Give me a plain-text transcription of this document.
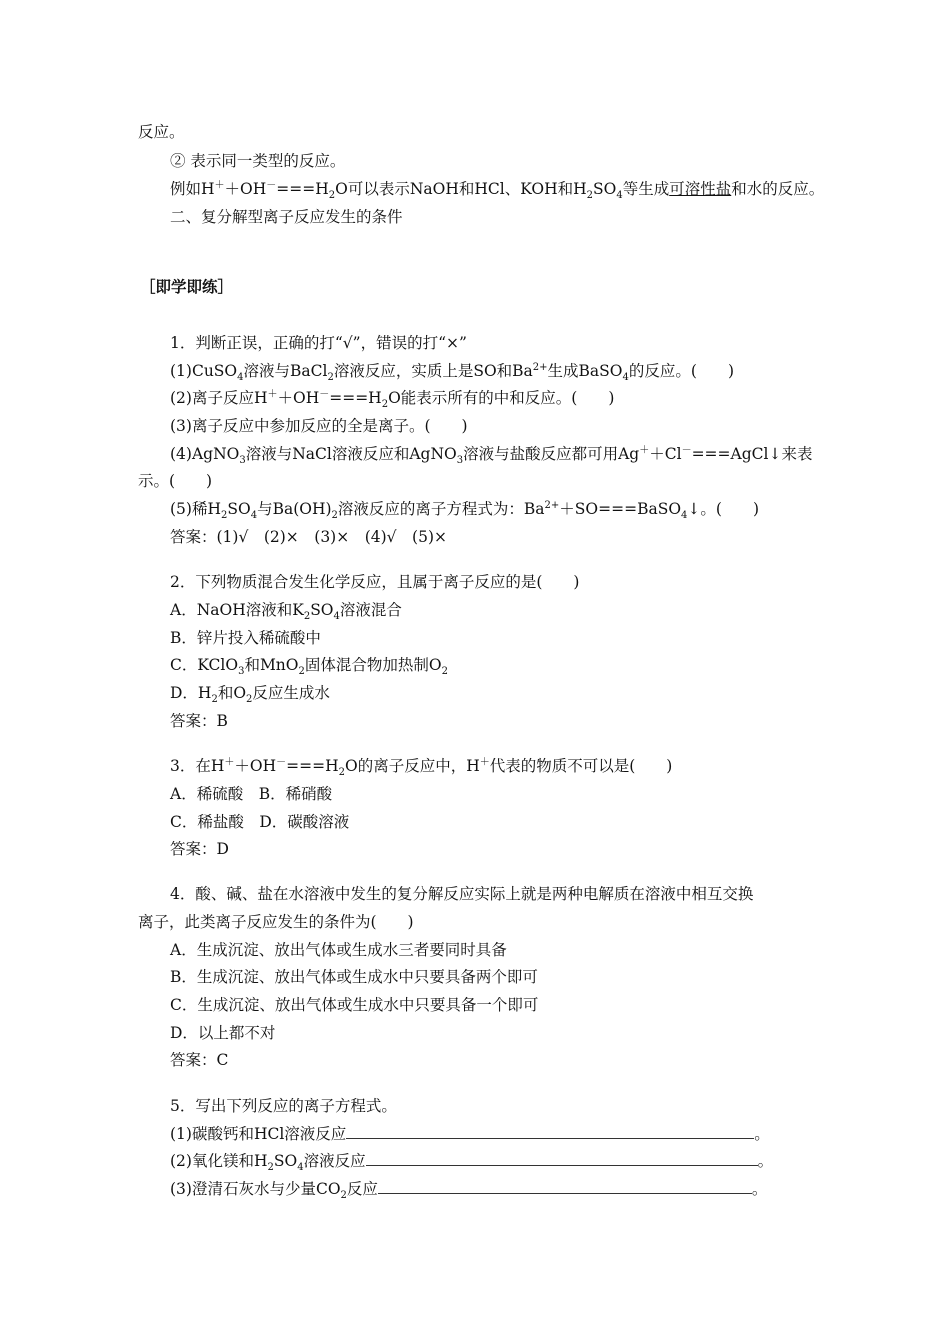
反应。
② 表示同一类型的反应。
例如$H^++OH^-===H_2O$可以表示NaOH和HCl、KOH和$H_2SO_4$等生成可溶性盐和水的反应。
二、复分解型离子反应发生的条件
［即学即练］
1．判断正误，正确的打“√”，错误的打“×”
(1)CuSO$_4$溶液与BaCl$_2$溶液反应，实质上是SO和$Ba^{2+}$生成BaSO$_4$的反应。(　　)
(2)离子反应$H^++OH^-===H_2O$能表示所有的中和反应。(　　)
(3)离子反应中参加反应的全是离子。(　　)
(4)AgNO$_3$溶液与NaCl溶液反应和AgNO$_3$溶液与盐酸反应都可用Ag＋＋Cl－===AgCl↓来表
示。(　　)
(5)稀$H_2SO_4$与$Ba(OH)_2$溶液反应的离子方程式为：$Ba^{2+}+SO===BaSO_4↓$。(　　)
答案：(1)√　(2)×　(3)×　(4)√　(5)×
2．下列物质混合发生化学反应，且属于离子反应的是(　　)
A．NaOH溶液和$K_2SO_4$溶液混合
B．锌片投入稀硫酸中
C．KClO$_3$和MnO$_2$固体混合物加热制$O_2$
D．$H_2$和$O_2$反应生成水
答案：B
3．在$H^++OH^-===H_2O$的离子反应中，H＋代表的物质不可以是(　　)
A．稀硫酸　B．稀硝酸
C．稀盐酸　D．碳酸溶液
答案：D
4．酸、碱、盐在水溶液中发生的复分解反应实际上就是两种电解质在溶液中相互交换
离子，此类离子反应发生的条件为(　　)
A．生成沉淀、放出气体或生成水三者要同时具备
B．生成沉淀、放出气体或生成水中只要具备两个即可
C．生成沉淀、放出气体或生成水中只要具备一个即可
D．以上都不对
答案：C
5．写出下列反应的离子方程式。
(1)碳酸钙和HCl溶液反应	。
(2)氧化镁和$H_2SO_4$溶液反应	。
(3)澄清石灰水与少量$CO_2$反应	。
